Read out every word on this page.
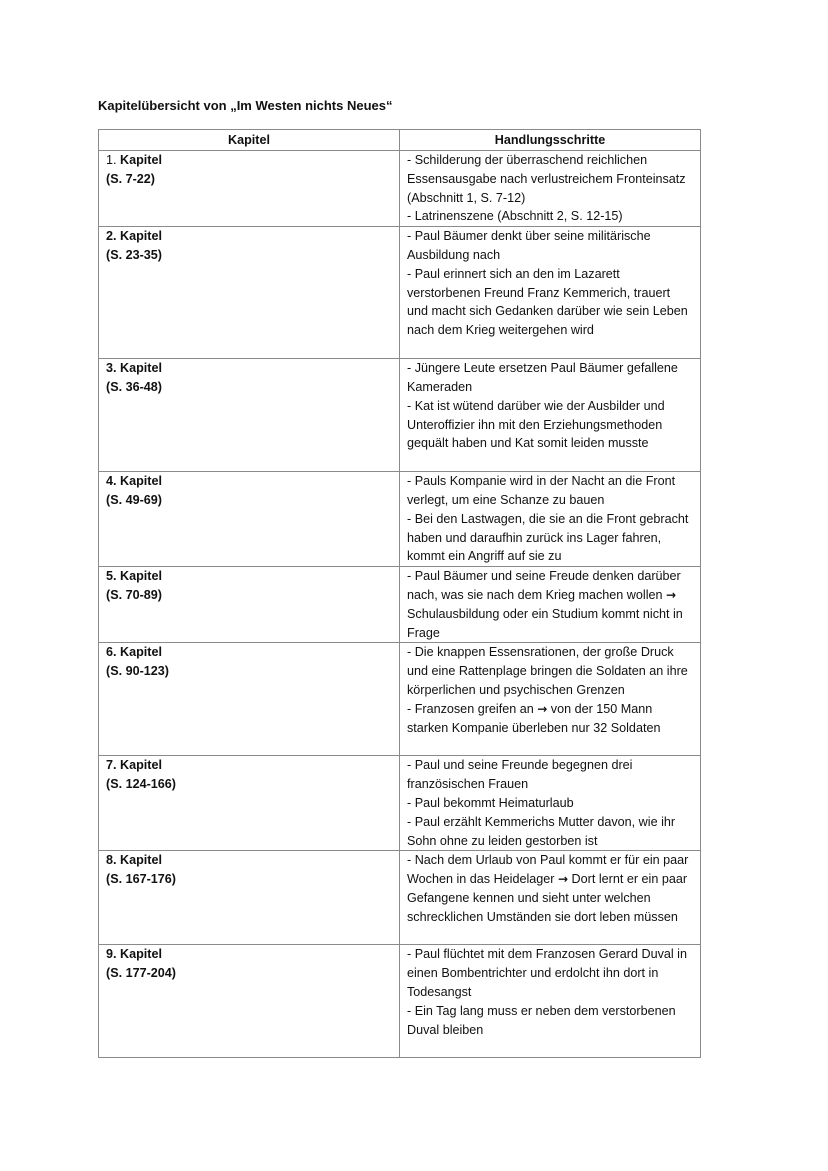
Kapitelübersicht von „Im Westen nichts Neues“
Kapitel	Handlungsschritte

1. Kapitel
(S. 7-22)	- Schilderung der überraschend reichlichen Essensausgabe nach verlustreichem Fronteinsatz (Abschnitt 1, S. 7-12)
- Latrinenszene (Abschnitt 2, S. 12-15)

2. Kapitel
(S. 23-35)	- Paul Bäumer denkt über seine militärische Ausbildung nach
- Paul erinnert sich an den im Lazarett verstorbenen Freund Franz Kemmerich, trauert und macht sich Gedanken darüber wie sein Leben nach dem Krieg weitergehen wird

3. Kapitel
(S. 36-48)	- Jüngere Leute ersetzen Paul Bäumer gefallene Kameraden
- Kat ist wütend darüber wie der Ausbilder und Unteroffizier ihn mit den Erziehungsmethoden gequält haben und Kat somit leiden musste

4. Kapitel
(S. 49-69)	- Pauls Kompanie wird in der Nacht an die Front verlegt, um eine Schanze zu bauen
- Bei den Lastwagen, die sie an die Front gebracht haben und daraufhin zurück ins Lager fahren, kommt ein Angriff auf sie zu

5. Kapitel
(S. 70-89)	- Paul Bäumer und seine Freude denken darüber nach, was sie nach dem Krieg machen wollen → Schulausbildung oder ein Studium kommt nicht in Frage

6. Kapitel
(S. 90-123)	- Die knappen Essensrationen, der große Druck und eine Rattenplage bringen die Soldaten an ihre körperlichen und psychischen Grenzen
- Franzosen greifen an → von der 150 Mann starken Kompanie überleben nur 32 Soldaten

7. Kapitel
(S. 124-166)	- Paul und seine Freunde begegnen drei französischen Frauen
- Paul bekommt Heimaturlaub
- Paul erzählt Kemmerichs Mutter davon, wie ihr Sohn ohne zu leiden gestorben ist

8. Kapitel
(S. 167-176)	- Nach dem Urlaub von Paul kommt er für ein paar Wochen in das Heidelager → Dort lernt er ein paar Gefangene kennen und sieht unter welchen schrecklichen Umständen sie dort leben müssen

9. Kapitel
(S. 177-204)	- Paul flüchtet mit dem Franzosen Gerard Duval in einen Bombentrichter und erdolcht ihn dort in Todesangst
- Ein Tag lang muss er neben dem verstorbenen Duval bleiben
